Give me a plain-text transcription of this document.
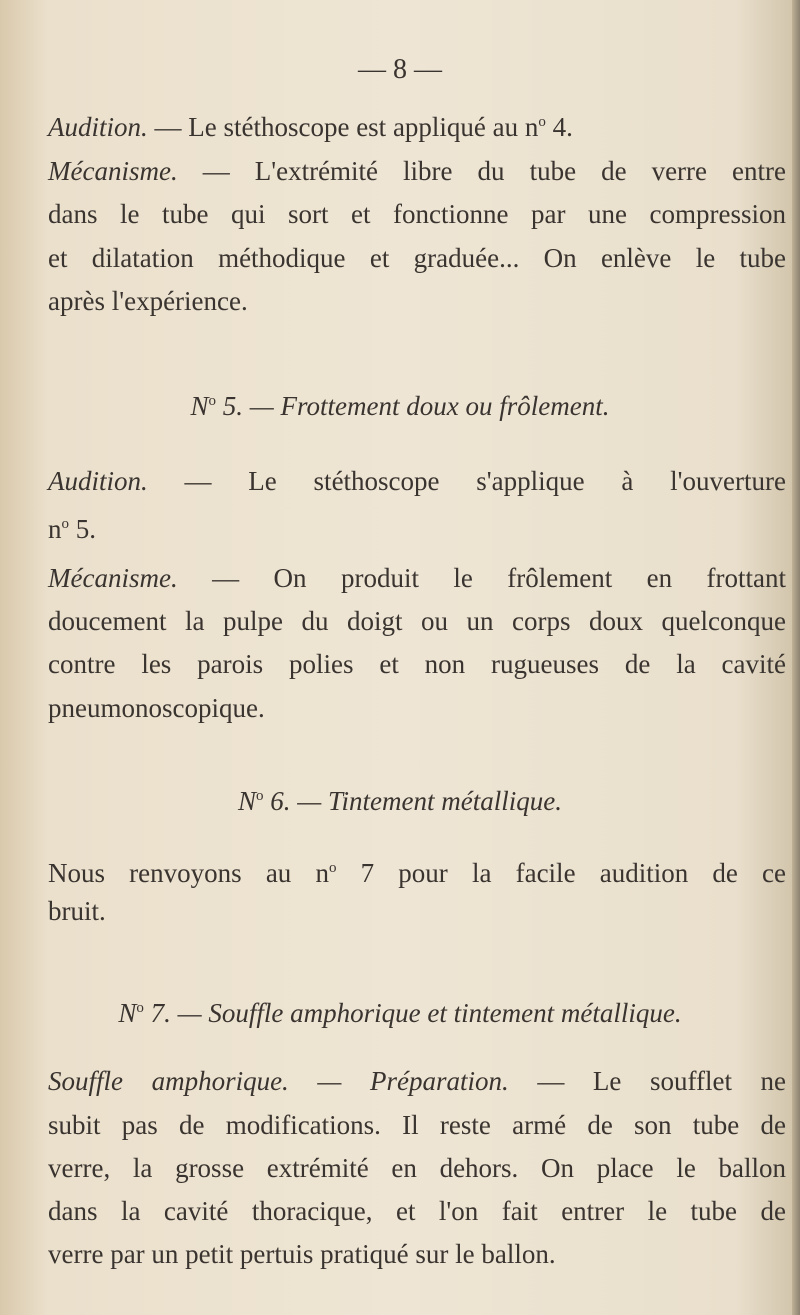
— 8 —
Audition. — Le stéthoscope est appliqué au $n^o$ 4.
Mécanisme. — L'extrémité libre du tube de verre entre
dans le tube qui sort et fonctionne par une compression
et dilatation méthodique et graduée... On enlève le tube
après l'expérience.
$N^o$ 5. — Frottement doux ou frôlement.
Audition. — Le stéthoscope s'applique à l'ouverture
$n^o$ 5.
Mécanisme. — On produit le frôlement en frottant
doucement la pulpe du doigt ou un corps doux quelconque
contre les parois polies et non rugueuses de la cavité
pneumonoscopique.
$N^o$ 6. — Tintement métallique.
Nous renvoyons au $n^o$ 7 pour la facile audition de ce
bruit.
$N^o$ 7. — Souffle amphorique et tintement métallique.
Souffle amphorique. — Préparation. — Le soufflet ne
subit pas de modifications. Il reste armé de son tube de
verre, la grosse extrémité en dehors. On place le ballon
dans la cavité thoracique, et l'on fait entrer le tube de
verre par un petit pertuis pratiqué sur le ballon.
